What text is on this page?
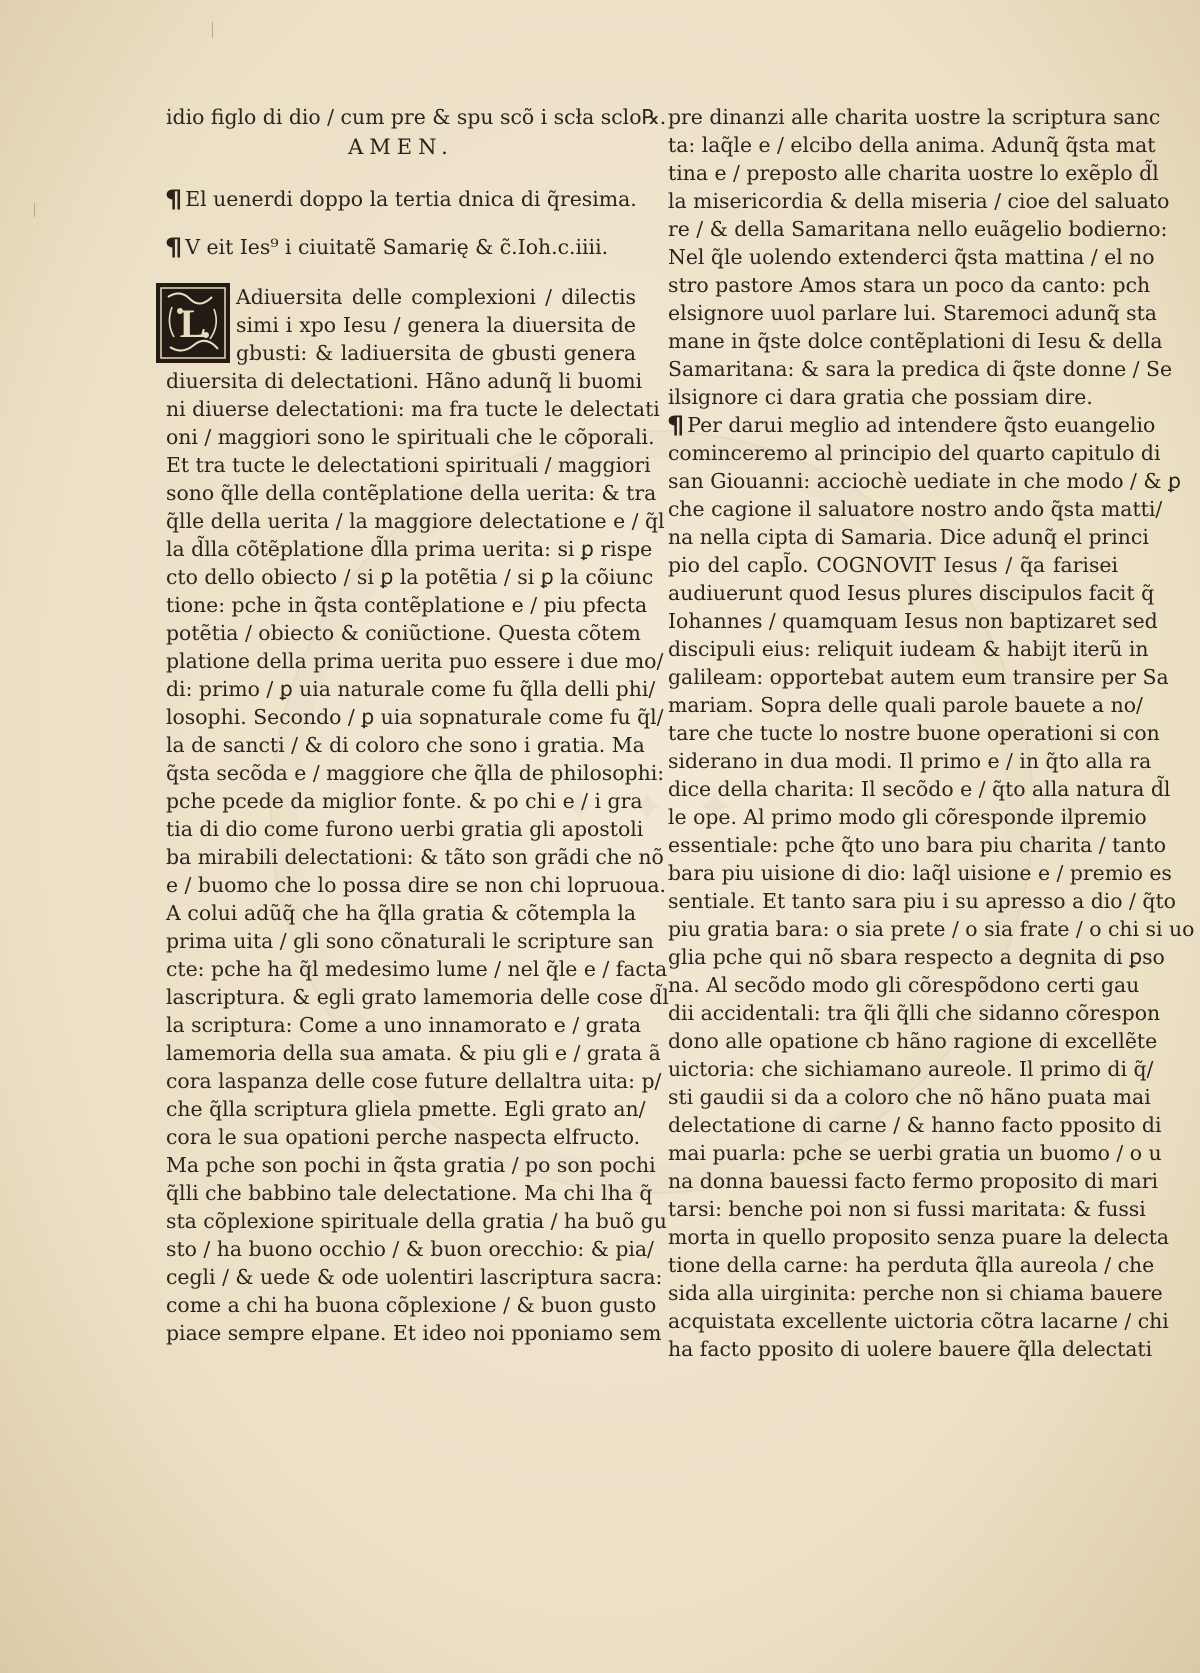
✦ ✦ ✦
idio figlo di dio / cum pre & spu scõ i scła sclo℞.
AMEN.
¶ El uenerdi doppo la tertia dnica di q̃resima.
¶ V eit Ies⁹ i ciuitatẽ Samarię & c̃.Ioh.c.iiii.
L
Adiuersita delle complexioni / dilectis
simi i xpo Iesu / genera la diuersita de
gbusti: & ladiuersita de gbusti genera
diuersita di delectationi. Hãno adunq̃ li buomi
ni diuerse delectationi: ma fra tucte le delectati
oni / maggiori sono le spirituali che le cõporali.
Et tra tucte le delectationi spirituali / maggiori
sono q̃lle della contẽplatione della uerita: & tra
q̃lle della uerita / la maggiore delectatione e / q̃l
la d̃lla cõtẽplatione d̃lla prima uerita: si ꝑ rispe
cto dello obiecto / si ꝑ la potẽtia / si ꝑ la cõiunc
tione: pche in q̃sta contẽplatione e / piu pfecta
potẽtia / obiecto & coniũctione. Questa cõtem
platione della prima uerita puo essere i due mo/
di: primo / ꝑ uia naturale come fu q̃lla delli phi/
losophi. Secondo / ꝑ uia sopnaturale come fu q̃l/
la de sancti / & di coloro che sono i gratia. Ma
q̃sta secõda e / maggiore che q̃lla de philosophi:
pche pcede da miglior fonte. & po chi e / i gra
tia di dio come furono uerbi gratia gli apostoli
ba mirabili delectationi: & tãto son grãdi che nõ
e / buomo che lo possa dire se non chi lopruoua.
A colui adũq̃ che ha q̃lla gratia & cõtempla la
prima uita / gli sono cõnaturali le scripture san
cte: pche ha q̃l medesimo lume / nel q̃le e / facta
lascriptura. & egli grato lamemoria delle cose d̃l
la scriptura: Come a uno innamorato e / grata
lamemoria della sua amata. & piu gli e / grata ã
cora laspanza delle cose future dellaltra uita: p/
che q̃lla scriptura gliela pmette. Egli grato an/
cora le sua opationi perche naspecta elfructo.
Ma pche son pochi in q̃sta gratia / po son pochi
q̃lli che babbino tale delectatione. Ma chi lha q̃
sta cõplexione spirituale della gratia / ha buõ gu
sto / ha buono occhio / & buon orecchio: & pia/
cegli / & uede & ode uolentiri lascriptura sacra:
come a chi ha buona cõplexione / & buon gusto
piace sempre elpane. Et ideo noi pponiamo sem
pre dinanzi alle charita uostre la scriptura sanc
ta: laq̃le e / elcibo della anima. Adunq̃ q̃sta mat
tina e / preposto alle charita uostre lo exẽplo d̃l
la misericordia & della miseria / cioe del saluato
re / & della Samaritana nello euãgelio bodierno:
Nel q̃le uolendo extenderci q̃sta mattina / el no
stro pastore Amos stara un poco da canto: pch
elsignore uuol parlare lui. Staremoci adunq̃ sta
mane in q̃ste dolce contẽplationi di Iesu & della
Samaritana: & sara la predica di q̃ste donne / Se
ilsignore ci dara gratia che possiam dire.
¶ Per darui meglio ad intendere q̃sto euangelio
cominceremo al principio del quarto capitulo di
san Giouanni: acciochè uediate in che modo / & ꝑ
che cagione il saluatore nostro ando q̃sta matti/
na nella cipta di Samaria. Dice adunq̃ el princi
pio del capl̃o. COGNOVIT Iesus / q̃a farisei
audiuerunt quod Iesus plures discipulos facit q̃
Iohannes / quamquam Iesus non baptizaret sed
discipuli eius: reliquit iudeam & habijt iterũ in
galileam: opportebat autem eum transire per Sa
mariam. Sopra delle quali parole bauete a no/
tare che tucte lo nostre buone operationi si con
siderano in dua modi. Il primo e / in q̃to alla ra
dice della charita: Il secõdo e / q̃to alla natura d̃l
le ope. Al primo modo gli cõresponde ilpremio
essentiale: pche q̃to uno bara piu charita / tanto
bara piu uisione di dio: laq̃l uisione e / premio es
sentiale. Et tanto sara piu i su apresso a dio / q̃to
piu gratia bara: o sia prete / o sia frate / o chi si uo
glia pche qui nõ sbara respecto a degnita di ꝑso
na. Al secõdo modo gli cõrespõdono certi gau
dii accidentali: tra q̃li q̃lli che sidanno cõrespon
dono alle opatione cb hãno ragione di excellẽte
uictoria: che sichiamano aureole. Il primo di q̃/
sti gaudii si da a coloro che nõ hãno puata mai
delectatione di carne / & hanno facto pposito di
mai puarla: pche se uerbi gratia un buomo / o u
na donna bauessi facto fermo proposito di mari
tarsi: benche poi non si fussi maritata: & fussi
morta in quello proposito senza puare la delecta
tione della carne: ha perduta q̃lla aureola / che
sida alla uirginita: perche non si chiama bauere
acquistata excellente uictoria cõtra lacarne / chi
ha facto pposito di uolere bauere q̃lla delectati
